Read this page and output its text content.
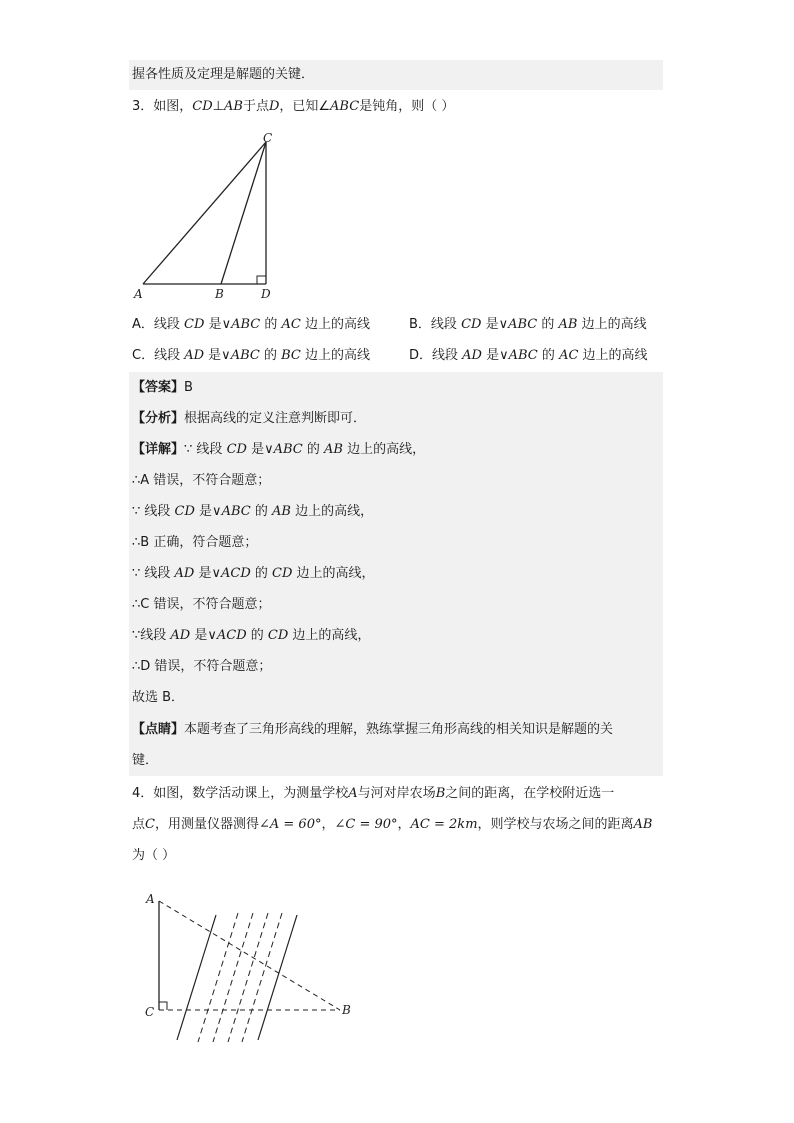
握各性质及定理是解题的关键．
3．如图，CD⊥AB于点D，已知∠ABC是钝角，则（ ）
C
A	B	D
A．线段 CD 是∨ABC 的 AC 边上的高线	B．线段 CD 是∨ABC 的 AB 边上的高线
C．线段 AD 是∨ABC 的 BC 边上的高线	D．线段 AD 是∨ABC 的 AC 边上的高线
【答案】B
【分析】根据高线的定义注意判断即可．
【详解】∵ 线段 CD 是∨ABC 的 AB 边上的高线，
∴A 错误，不符合题意；
∵ 线段 CD 是∨ABC 的 AB 边上的高线，
∴B 正确，符合题意；
∵ 线段 AD 是∨ACD 的 CD 边上的高线，
∴C 错误，不符合题意；
∵线段 AD 是∨ACD 的 CD 边上的高线，
∴D 错误，不符合题意；
故选 B．
【点睛】本题考查了三角形高线的理解，熟练掌握三角形高线的相关知识是解题的关
键．
4．如图，数学活动课上，为测量学校A与河对岸农场B之间的距离，在学校附近选一
点C，用测量仪器测得∠A = 60°，∠C = 90°，AC = 2km，则学校与农场之间的距离AB
为（ ）
A
C	B
